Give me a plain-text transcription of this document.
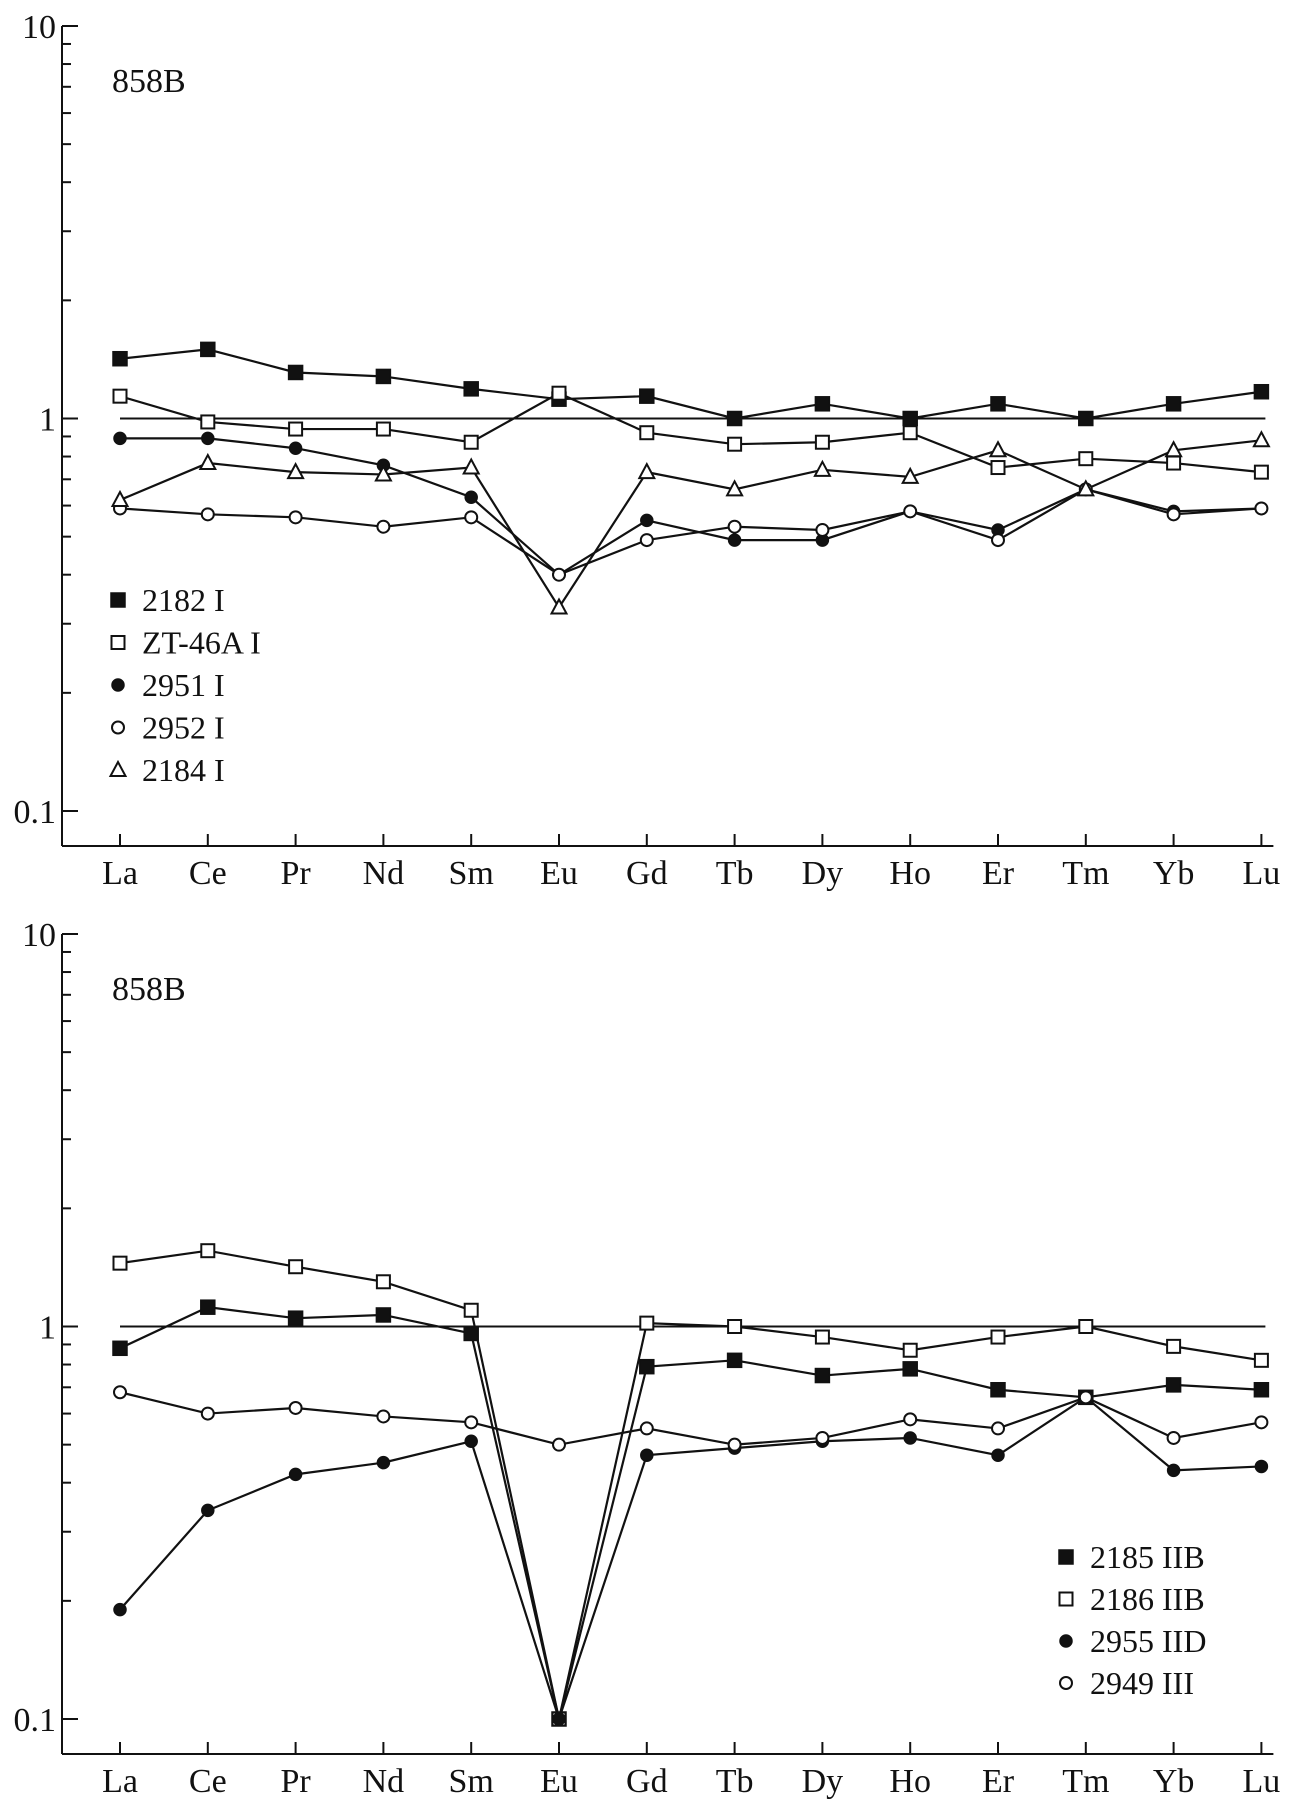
10
1
0.1
La Ce Pr Nd Sm Eu Gd Tb Dy Ho Er Tm Yb Lu
858B
2182 I
ZT-46A I
2951 I
2952 I
2184 I
10
1
0.1
La Ce Pr Nd Sm Eu Gd Tb Dy Ho Er Tm Yb Lu
858B
2185 IIB
2186 IIB
2955 IID
2949 III
